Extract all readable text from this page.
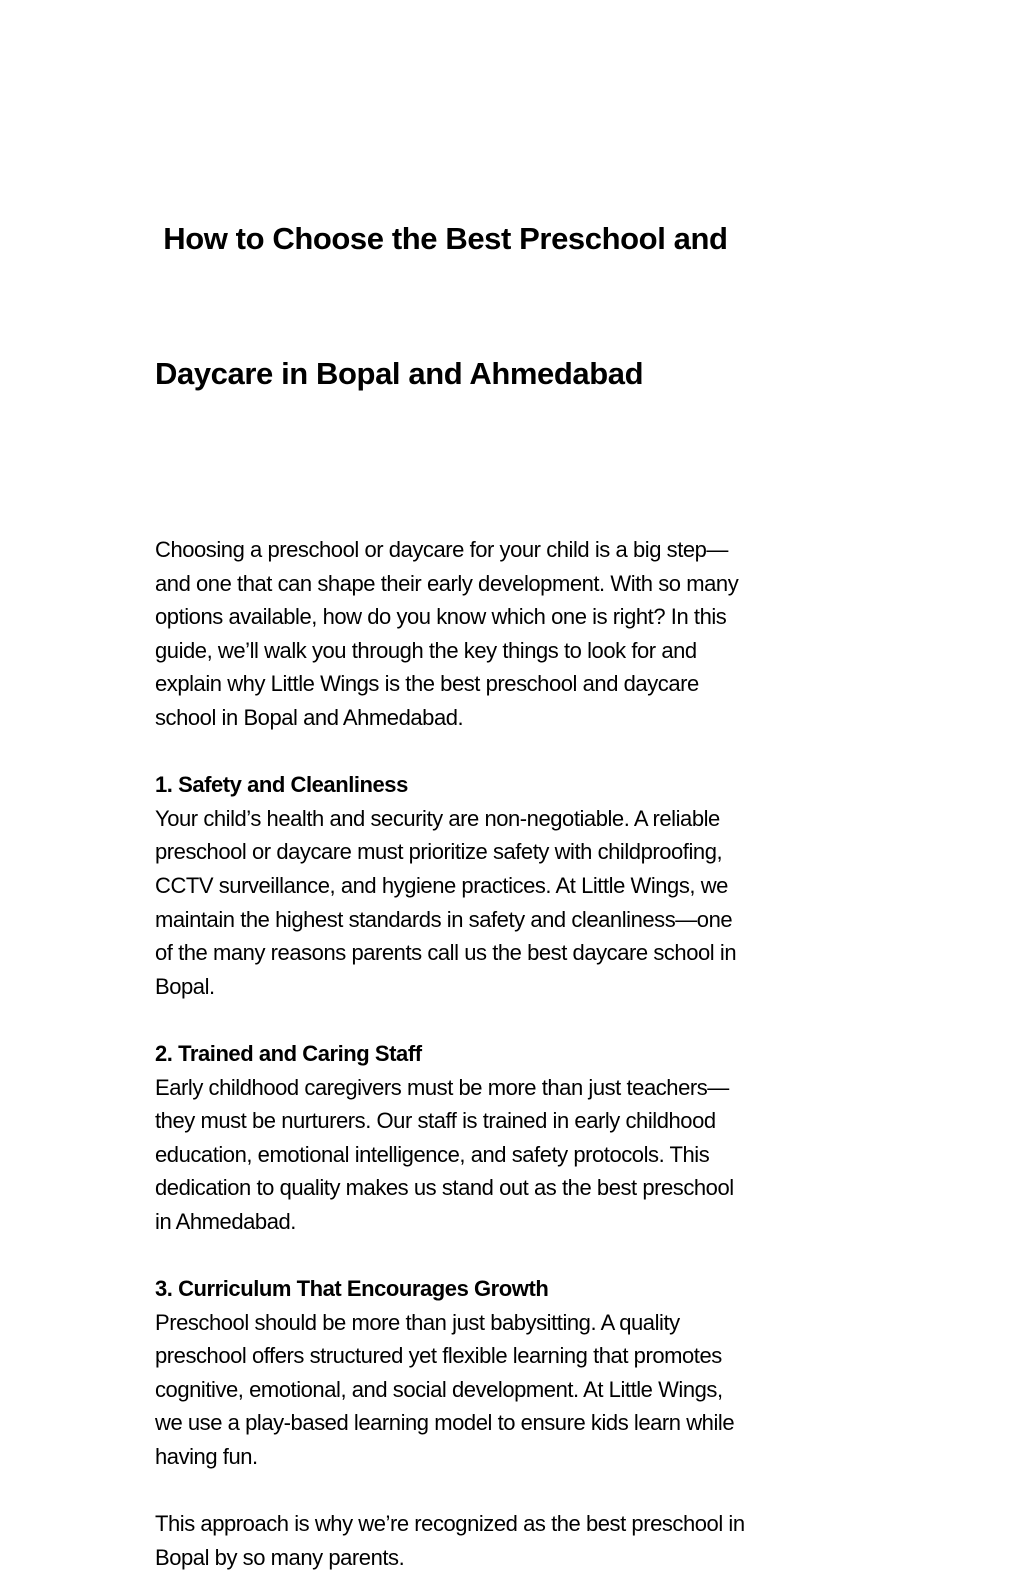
How to Choose the Best Preschool and

Daycare in Bopal and Ahmedabad

Choosing a preschool or daycare for your child is a big step—
and one that can shape their early development. With so many
options available, how do you know which one is right? In this
guide, we’ll walk you through the key things to look for and
explain why Little Wings is the best preschool and daycare
school in Bopal and Ahmedabad.
1. Safety and Cleanliness
Your child’s health and security are non-negotiable. A reliable
preschool or daycare must prioritize safety with childproofing,
CCTV surveillance, and hygiene practices. At Little Wings, we
maintain the highest standards in safety and cleanliness—one
of the many reasons parents call us the best daycare school in
Bopal.
2. Trained and Caring Staff
Early childhood caregivers must be more than just teachers—
they must be nurturers. Our staff is trained in early childhood
education, emotional intelligence, and safety protocols. This
dedication to quality makes us stand out as the best preschool
in Ahmedabad.
3. Curriculum That Encourages Growth
Preschool should be more than just babysitting. A quality
preschool offers structured yet flexible learning that promotes
cognitive, emotional, and social development. At Little Wings,
we use a play-based learning model to ensure kids learn while
having fun.
This approach is why we’re recognized as the best preschool in
Bopal by so many parents.
